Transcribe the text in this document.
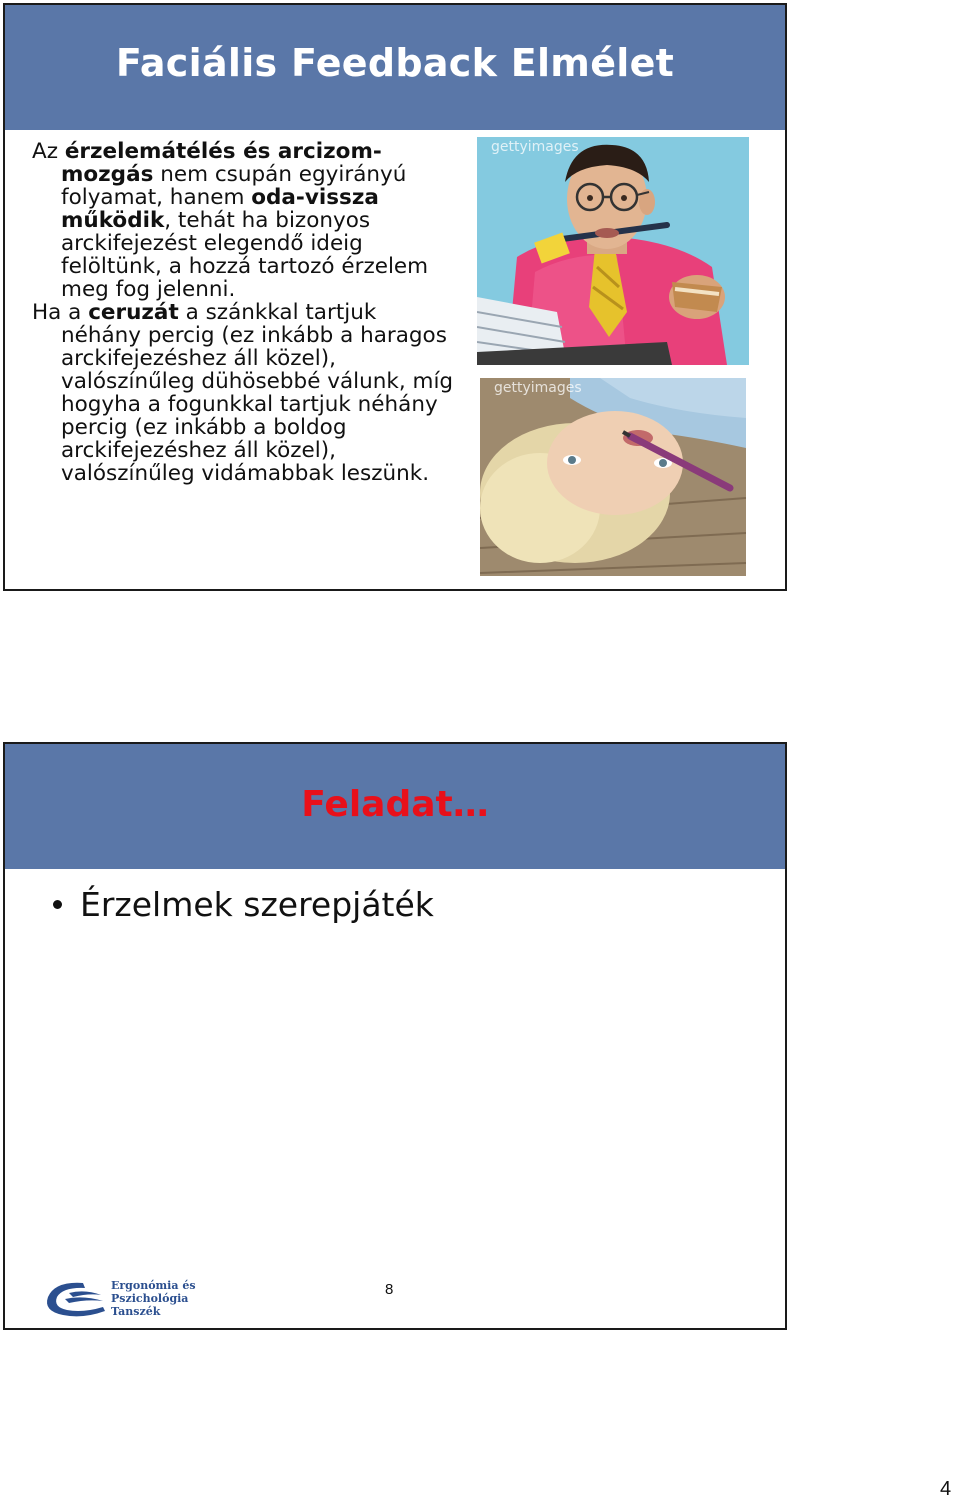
Faciális Feedback Elmélet

Az érzelemátélés és arcizom-mozgás nem csupán egyirányú folyamat, hanem oda-vissza működik, tehát ha bizonyos arckifejezést elegendő ideig felöltünk, a hozzá tartozó érzelem meg fog jelenni.

Ha a ceruzát a szánkkal tartjuk néhány percig (ez inkább a haragos arckifejezéshez áll közel), valószínűleg dühösebbé válunk, míg hogyha a fogunkkal tartjuk néhány percig (ez inkább a boldog arckifejezéshez áll közel), valószínűleg vidámabbak leszünk.

gettyimages
gettyimages
Feladat…
Érzelmek szerepjáték
Ergonómia és
Pszichológia
Tanszék
8
4
